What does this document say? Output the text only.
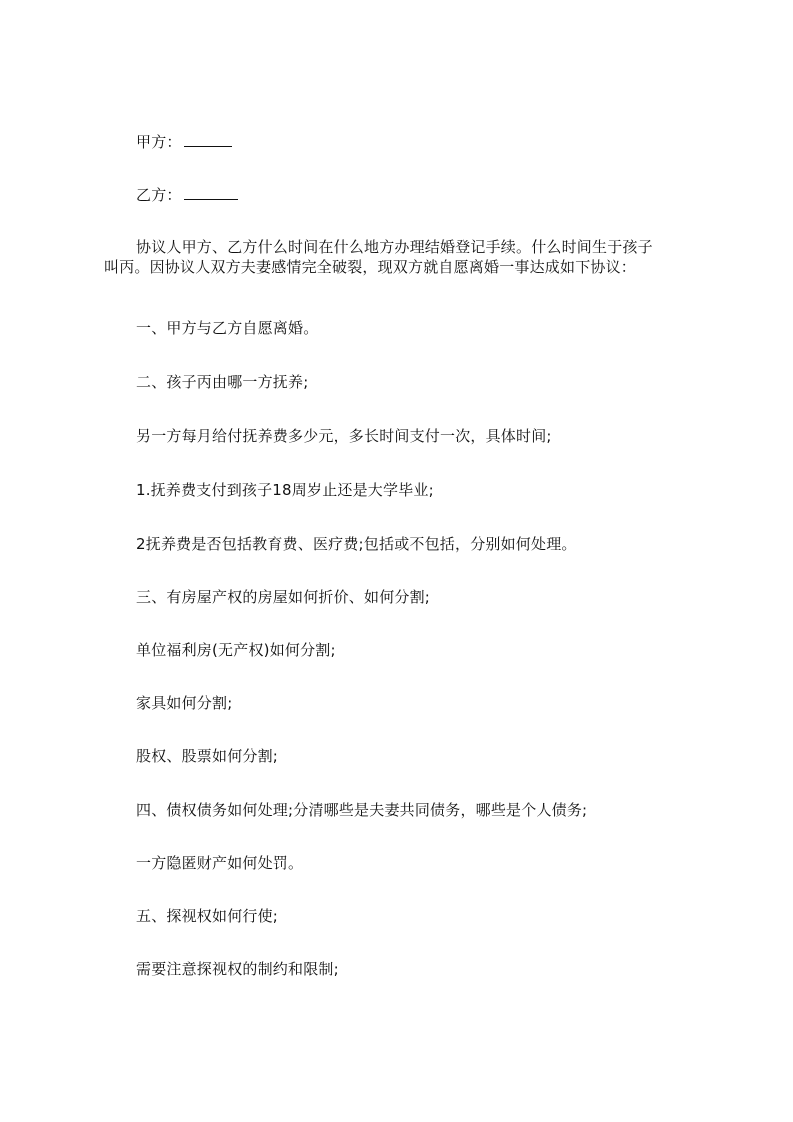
甲方：
乙方：
协议人甲方、乙方什么时间在什么地方办理结婚登记手续。什么时间生于孩子叫丙。因协议人双方夫妻感情完全破裂，现双方就自愿离婚一事达成如下协议：
一、甲方与乙方自愿离婚。
二、孩子丙由哪一方抚养;
另一方每月给付抚养费多少元，多长时间支付一次，具体时间;
1.抚养费支付到孩子18周岁止还是大学毕业;
2抚养费是否包括教育费、医疗费;包括或不包括，分别如何处理。
三、有房屋产权的房屋如何折价、如何分割;
单位福利房(无产权)如何分割;
家具如何分割;
股权、股票如何分割;
四、债权债务如何处理;分清哪些是夫妻共同债务，哪些是个人债务;
一方隐匿财产如何处罚。
五、探视权如何行使;
需要注意探视权的制约和限制;
